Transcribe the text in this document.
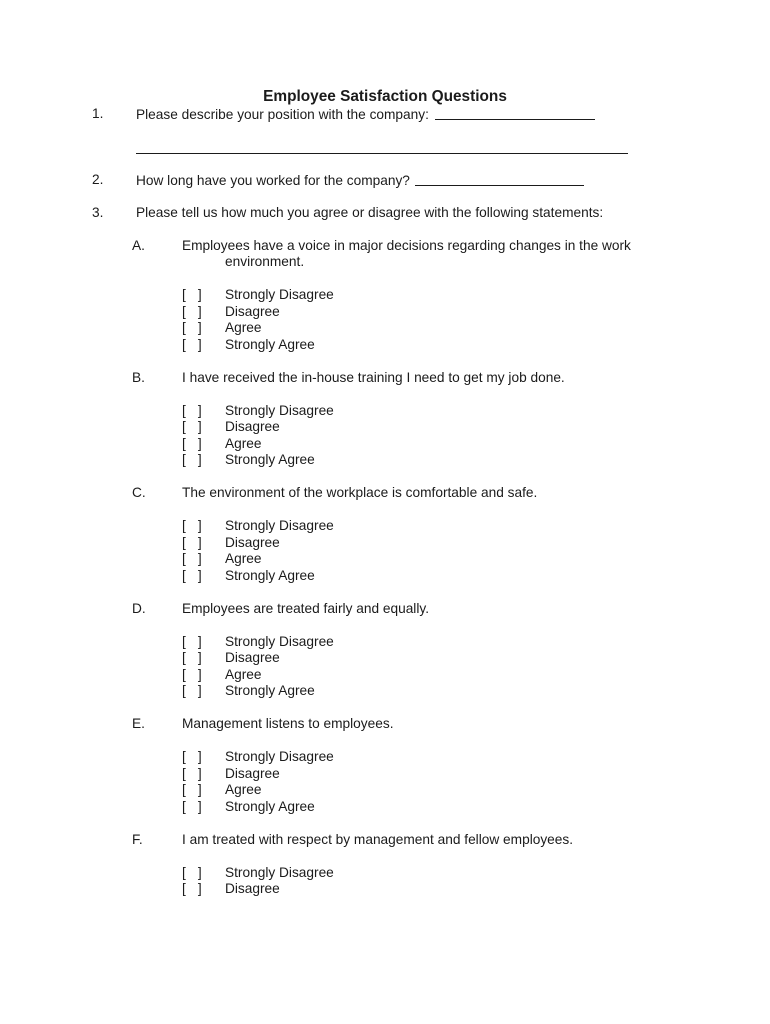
Employee Satisfaction Questions
1. Please describe your position with the company:
2. How long have you worked for the company?
3. Please tell us how much you agree or disagree with the following statements:
A.	Employees have a voice in major decisions regarding changes in the work
environment.
[ ] Strongly Disagree
[ ] Disagree
[ ] Agree
[ ] Strongly Agree
B.	I have received the in-house training I need to get my job done.
[ ] Strongly Disagree
[ ] Disagree
[ ] Agree
[ ] Strongly Agree
C.	The environment of the workplace is comfortable and safe.
[ ] Strongly Disagree
[ ] Disagree
[ ] Agree
[ ] Strongly Agree
D.	Employees are treated fairly and equally.
[ ] Strongly Disagree
[ ] Disagree
[ ] Agree
[ ] Strongly Agree
E.	Management listens to employees.
[ ] Strongly Disagree
[ ] Disagree
[ ] Agree
[ ] Strongly Agree
F.	I am treated with respect by management and fellow employees.
[ ] Strongly Disagree
[ ] Disagree
